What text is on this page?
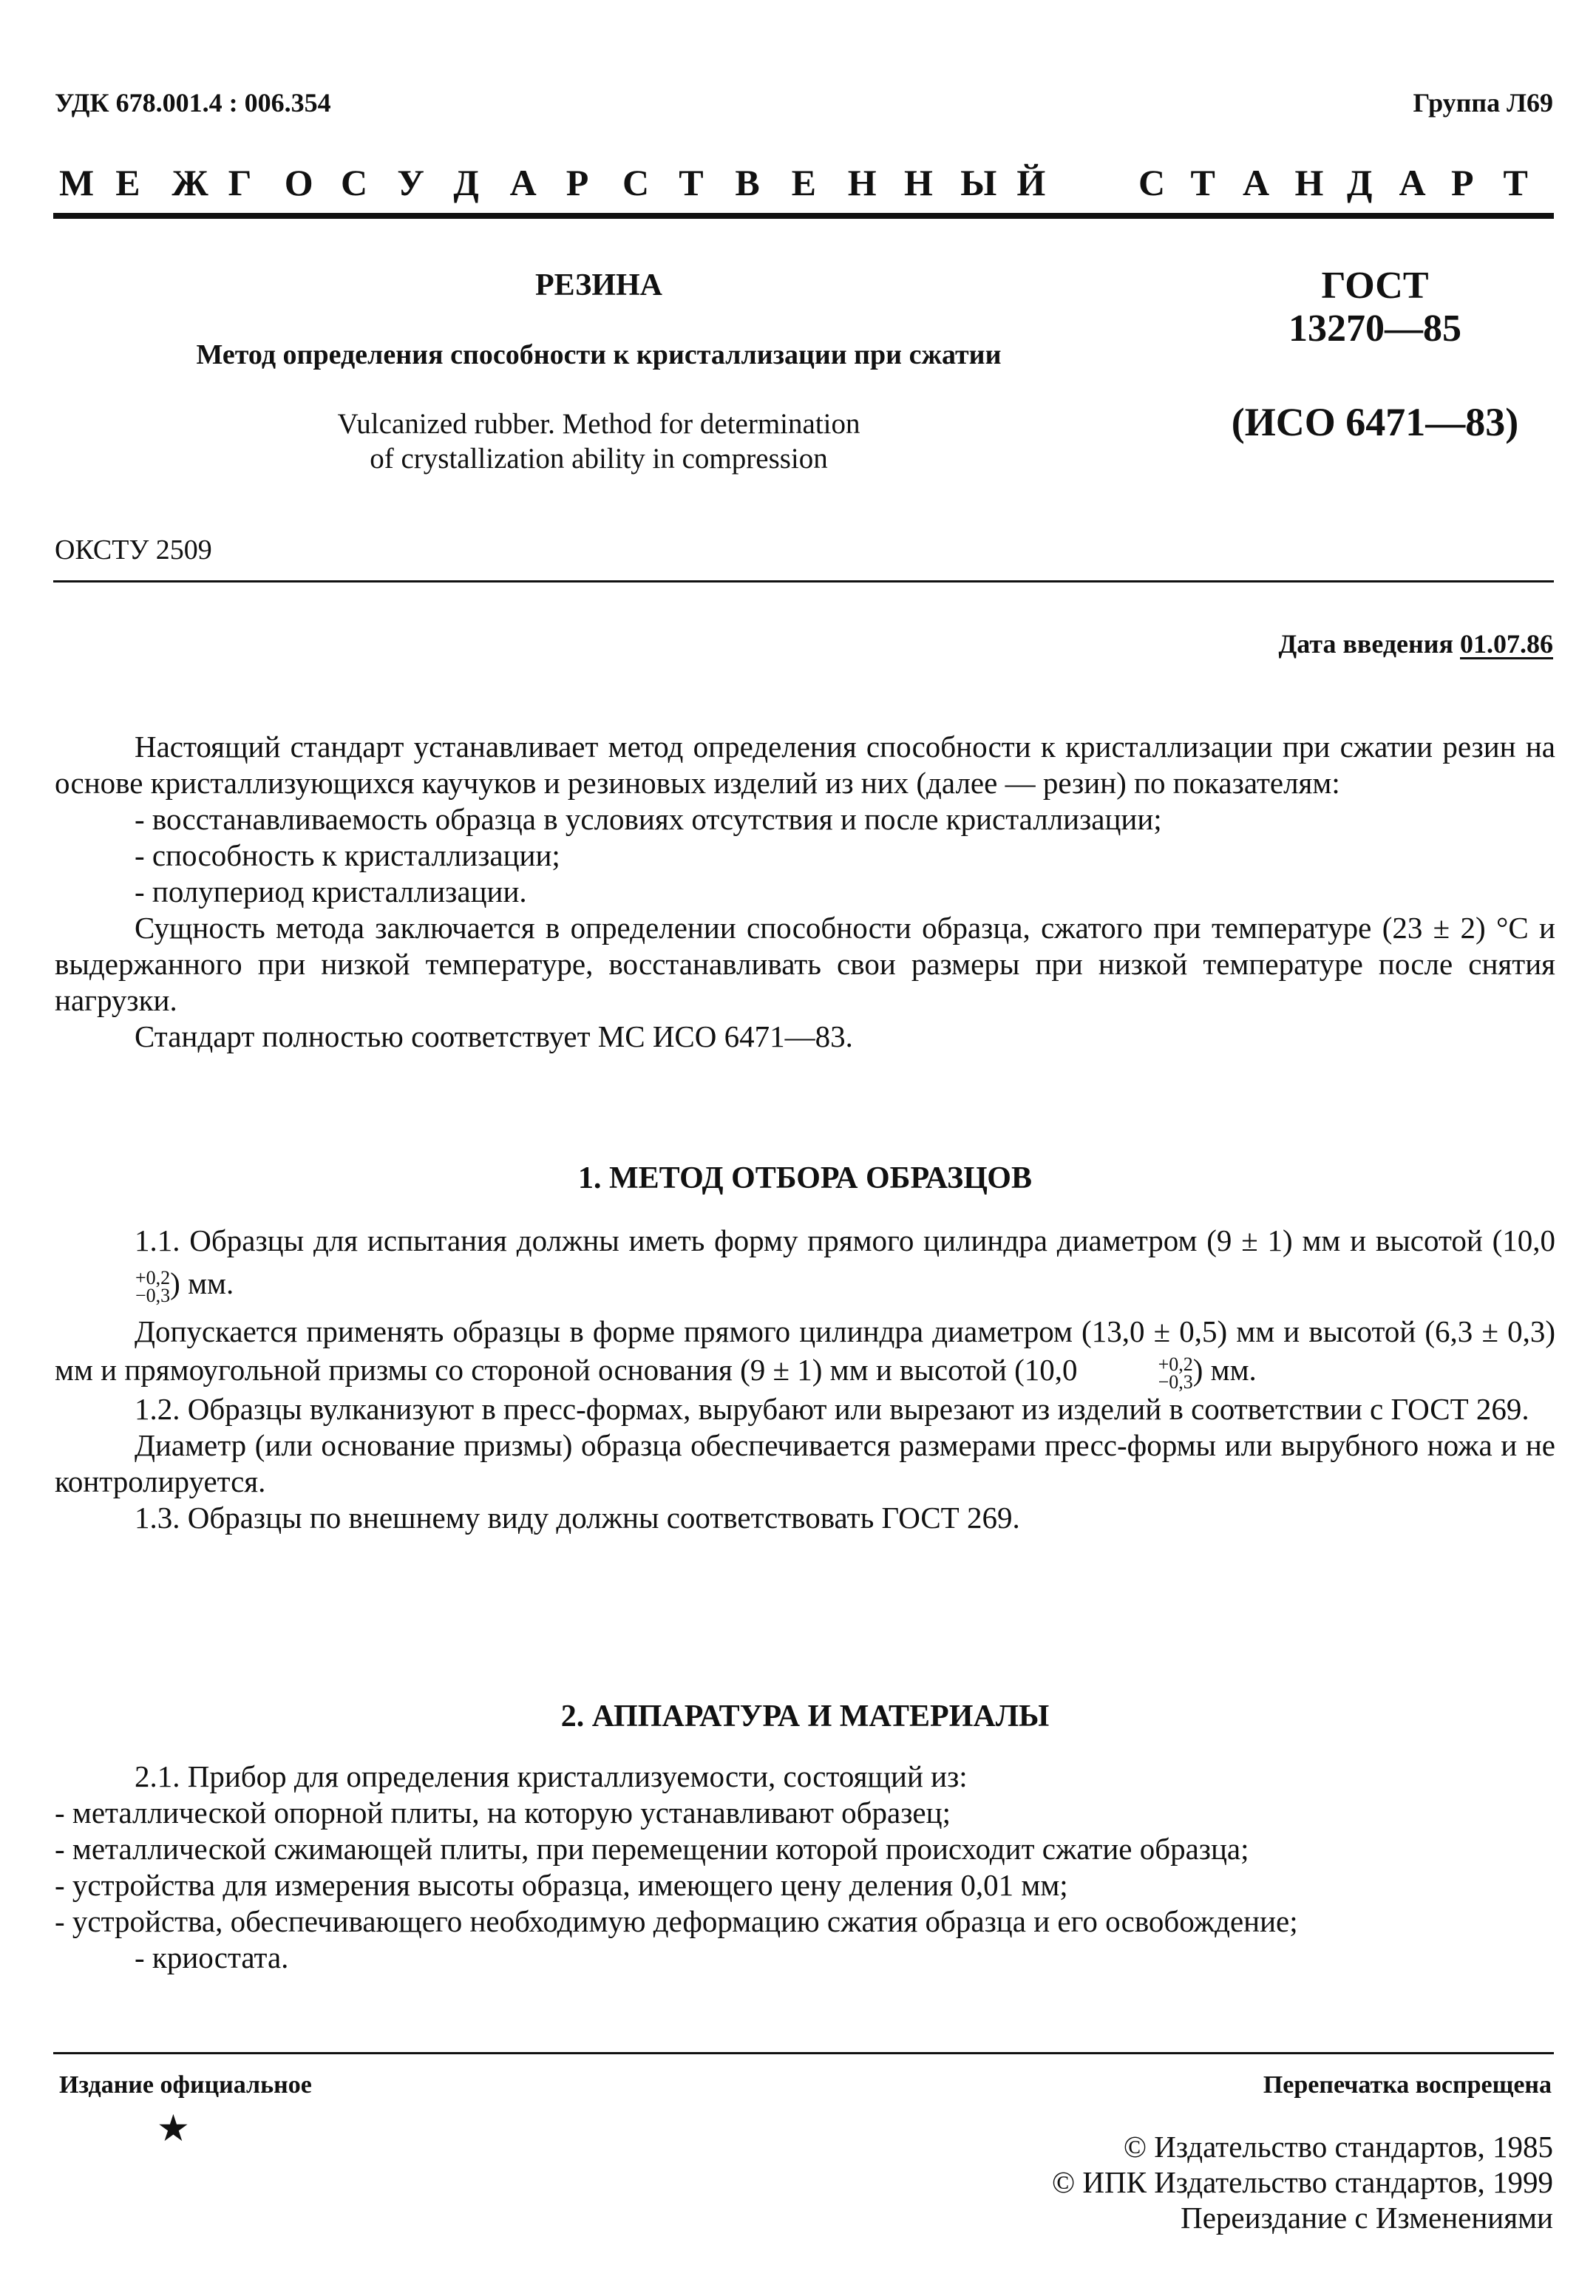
УДК 678.001.4 : 006.354	Группа Л69
М Е Ж Г О С У Д А Р С Т В Е Н Н Ы Й	С Т А Н Д А Р Т
РЕЗИНА
Метод определения способности к кристаллизации при сжатии
Vulcanized rubber. Method for determination
of crystallization ability in compression
ГОСТ
13270—85
(ИСО 6471—83)
ОКСТУ 2509
Дата введения 01.07.86

Настоящий стандарт устанавливает метод определения способности к кристаллизации при сжатии резин на основе кристаллизующихся каучуков и резиновых изделий из них (далее — резин) по показателям:

- восстанавливаемость образца в условиях отсутствия и после кристаллизации;

- способность к кристаллизации;

- полупериод кристаллизации.

Сущность метода заключается в определении способности образца, сжатого при температуре (23 ± 2) °С и выдержанного при низкой температуре, восстанавливать свои размеры при низкой температуре после снятия нагрузки.

Стандарт полностью соответствует МС ИСО 6471—83.

1. МЕТОД ОТБОРА ОБРАЗЦОВ

1.1. Образцы для испытания должны иметь форму прямого цилиндра диаметром (9 ± 1) мм и высотой (10,0
+0,2
−0,3 ) мм.

Допускается применять образцы в форме прямого цилиндра диаметром (13,0 ± 0,5) мм и высотой (6,3 ± 0,3) мм и прямоугольной призмы со стороной основания (9 ± 1) мм и высотой (10,0	+0,2
−0,3 ) мм.

1.2. Образцы вулканизуют в пресс-формах, вырубают или вырезают из изделий в соответствии с ГОСТ 269.

Диаметр (или основание призмы) образца обеспечивается размерами пресс-формы или вырубного ножа и не контролируется.

1.3. Образцы по внешнему виду должны соответствовать ГОСТ 269.

2. АППАРАТУРА И МАТЕРИАЛЫ

2.1. Прибор для определения кристаллизуемости, состоящий из:

- металлической опорной плиты, на которую устанавливают образец;

- металлической сжимающей плиты, при перемещении которой происходит сжатие образца;

- устройства для измерения высоты образца, имеющего цену деления 0,01 мм;

- устройства, обеспечивающего необходимую деформацию сжатия образца и его освобождение;

- криостата.

Издание официальное	Перепечатка воспрещена
★	© Издательство стандартов, 1985
© ИПК Издательство стандартов, 1999
Переиздание с Изменениями
